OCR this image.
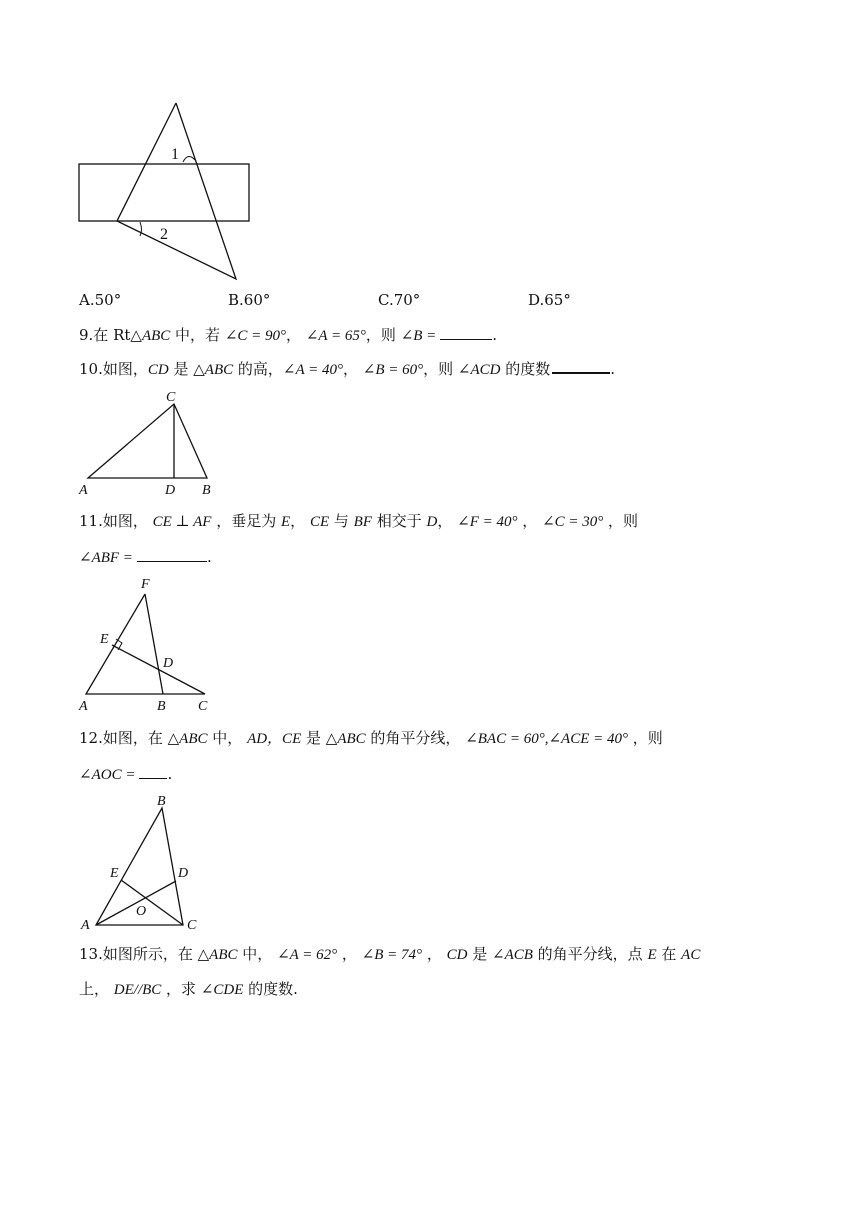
1
2
A.50°	B.60°	C.70°	D.65°
9.在 Rt△ABC 中，若 ∠C = 90°， ∠A = 65°，则 ∠B =	.
10.如图，CD 是 △ABC 的高，∠A = 40°， ∠B = 60°，则 ∠ACD 的度数	.
C
A	D B
11.如图， CE ⊥ AF ，垂足为 E， CE 与 BF 相交于 D， ∠F = 40° ， ∠C = 30° ，则
∠ABF =	.
F
E
D
A	B C
12.如图，在 △ABC 中， AD，CE 是 △ABC 的角平分线， ∠BAC = 60°,∠ACE = 40° ，则
∠AOC = .
B
E	D
O
A	C
13.如图所示，在 △ABC 中， ∠A = 62° ， ∠B = 74° ， CD 是 ∠ACB 的角平分线，点 E 在 AC
上， DE//BC ，求 ∠CDE 的度数.
